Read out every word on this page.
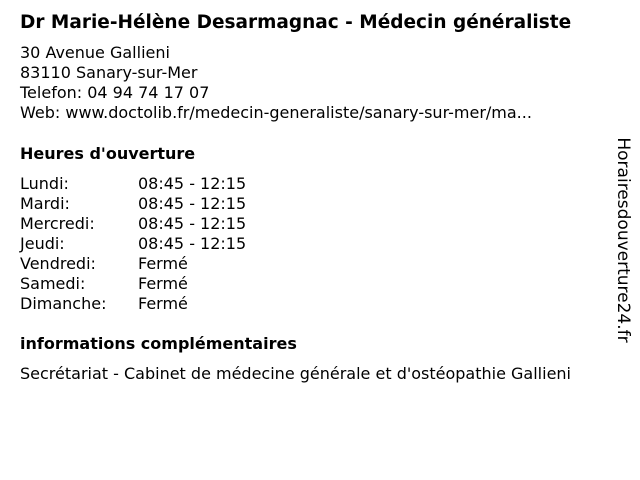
Dr Marie-Hélène Desarmagnac - Médecin généraliste
30 Avenue Gallieni
83110 Sanary-sur-Mer
Telefon: 04 94 74 17 07
Web: www.doctolib.fr/medecin-generaliste/sanary-sur-mer/ma...
Heures d'ouverture
Lundi:	08:45 - 12:15
Mardi:	08:45 - 12:15
Mercredi:	08:45 - 12:15
Jeudi:	08:45 - 12:15
Vendredi:	Fermé
Samedi:	Fermé
Dimanche:	Fermé
informations complémentaires
Secrétariat - Cabinet de médecine générale et d'ostéopathie Gallieni
Horairesdouverture24.fr
